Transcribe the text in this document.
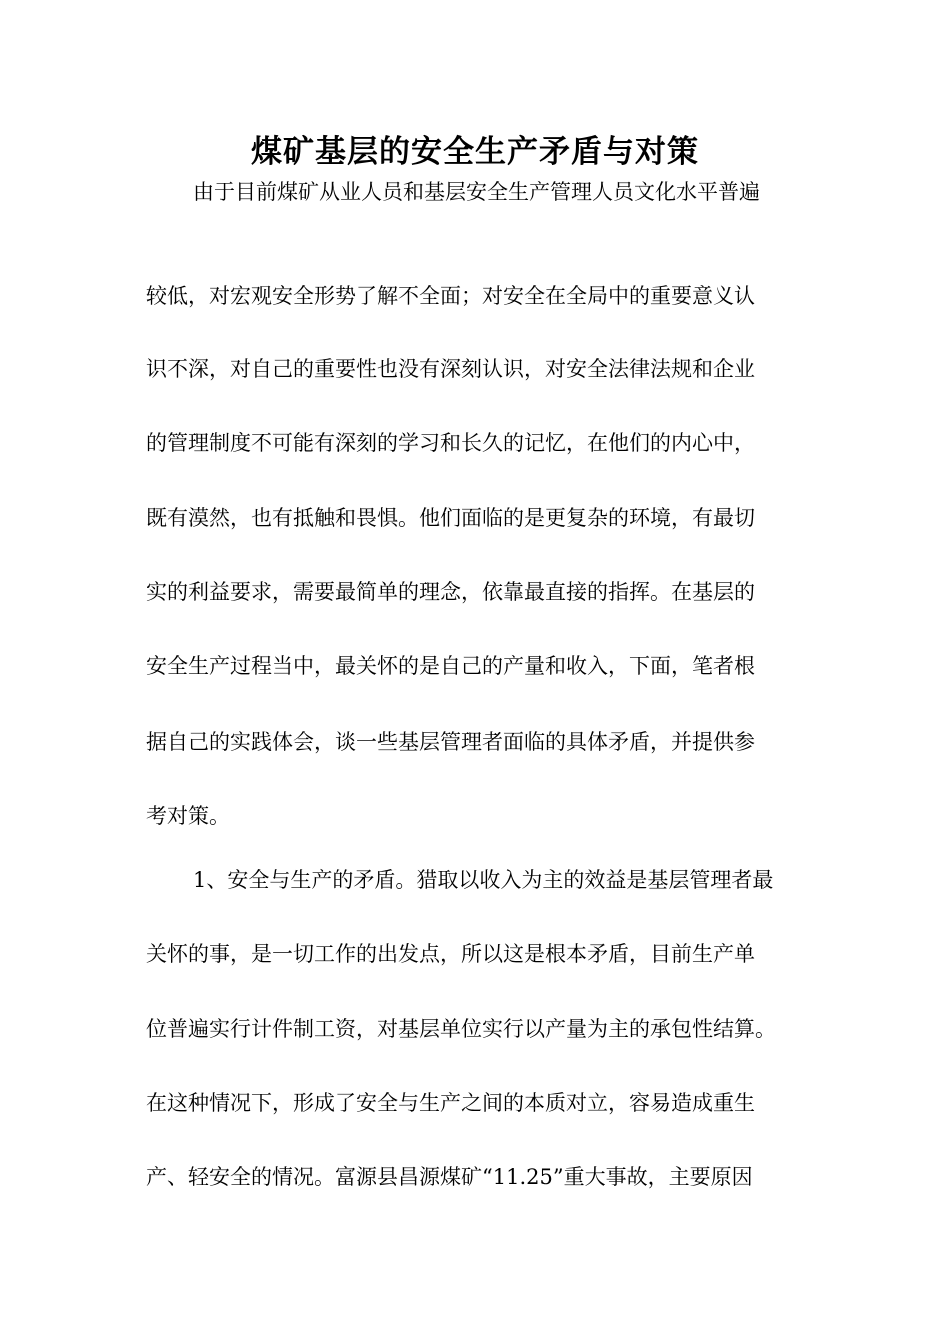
煤矿基层的安全生产矛盾与对策
由于目前煤矿从业人员和基层安全生产管理人员文化水平普遍
较低，对宏观安全形势了解不全面；对安全在全局中的重要意义认
识不深，对自己的重要性也没有深刻认识，对安全法律法规和企业
的管理制度不可能有深刻的学习和长久的记忆，在他们的内心中，
既有漠然，也有抵触和畏惧。他们面临的是更复杂的环境，有最切
实的利益要求，需要最简单的理念，依靠最直接的指挥。在基层的
安全生产过程当中，最关怀的是自己的产量和收入，下面，笔者根
据自己的实践体会，谈一些基层管理者面临的具体矛盾，并提供参
考对策。
1、安全与生产的矛盾。猎取以收入为主的效益是基层管理者最
关怀的事，是一切工作的出发点，所以这是根本矛盾，目前生产单
位普遍实行计件制工资，对基层单位实行以产量为主的承包性结算。
在这种情况下，形成了安全与生产之间的本质对立，容易造成重生
产、轻安全的情况。富源县昌源煤矿“11.25”重大事故，主要原因
